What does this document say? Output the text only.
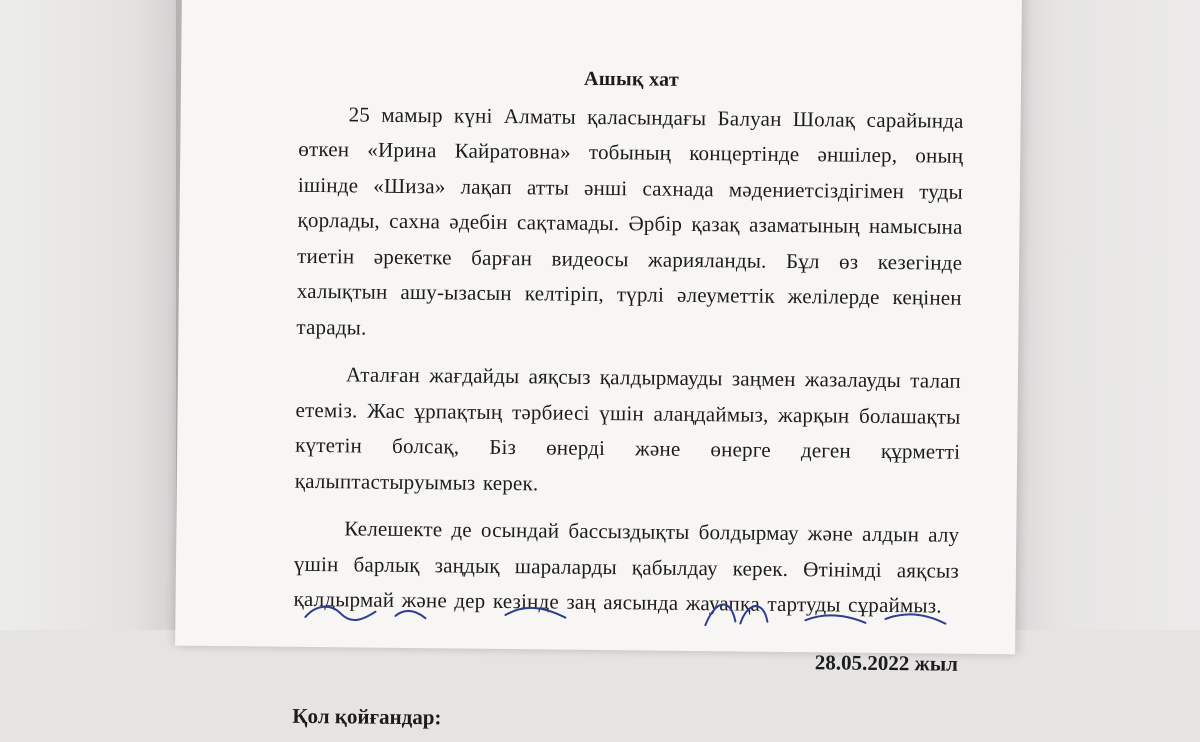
Ашық хат

25 мамыр күні Алматы қаласындағы Балуан Шолақ сарайында өткен «Ирина Кайратовна» тобының концертінде әншілер, оның ішінде «Шиза» лақап атты әнші сахнада мәдениетсіздігімен туды қорлады, сахна әдебін сақтамады. Әрбір қазақ азаматының намысына тиетін әрекетке барған видеосы жарияланды. Бұл өз кезегінде халықтын ашу-ызасын келтіріп, түрлі әлеуметтік желілерде кеңінен тарады.

Аталған жағдайды аяқсыз қалдырмауды заңмен жазалауды талап етеміз. Жас ұрпақтың тәрбиесі үшін алаңдаймыз, жарқын болашақты күтетін болсақ, Біз өнерді және өнерге деген құрметті қалыптастыруымыз керек.

Келешекте де осындай бассыздықты болдырмау және алдын алу үшін барлық заңдық шараларды қабылдау керек. Өтінімді аяқсыз қалдырмай және дер кезінде заң аясында жауапқа тартуды сұраймыз.

28.05.2022 жыл
Қол қойғандар:
